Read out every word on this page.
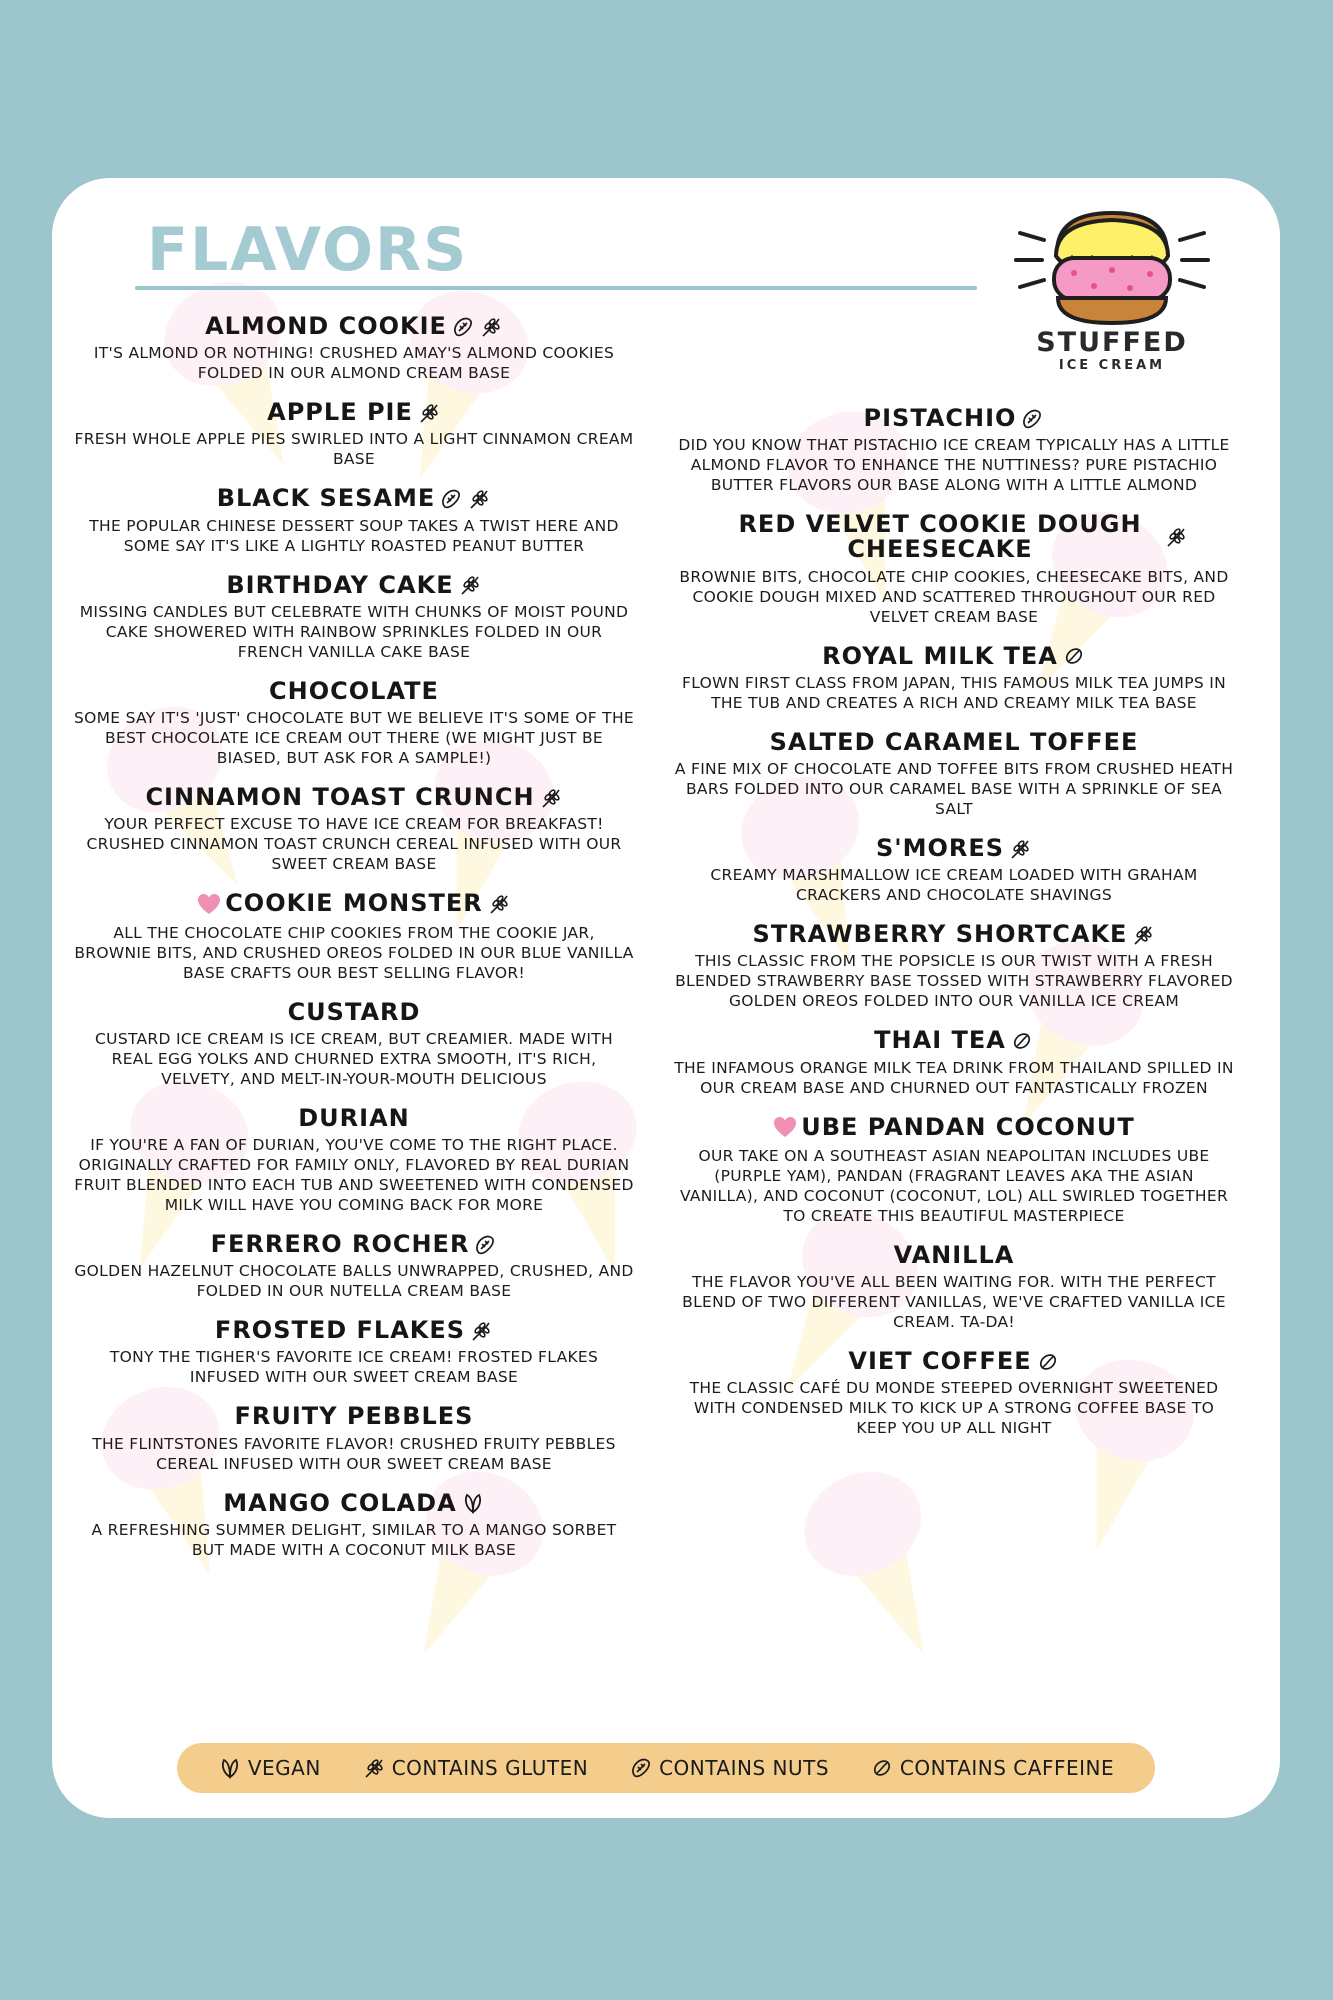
FLAVORS
STUFFED
ICE CREAM
ALMOND COOKIE

IT'S ALMOND OR NOTHING! CRUSHED AMAY'S ALMOND COOKIES FOLDED IN OUR ALMOND CREAM BASE

APPLE PIE

FRESH WHOLE APPLE PIES SWIRLED INTO A LIGHT CINNAMON CREAM BASE

BLACK SESAME

THE POPULAR CHINESE DESSERT SOUP TAKES A TWIST HERE AND SOME SAY IT'S LIKE A LIGHTLY ROASTED PEANUT BUTTER

BIRTHDAY CAKE

MISSING CANDLES BUT CELEBRATE WITH CHUNKS OF MOIST POUND CAKE SHOWERED WITH RAINBOW SPRINKLES FOLDED IN OUR FRENCH VANILLA CAKE BASE

CHOCOLATE

SOME SAY IT'S 'JUST' CHOCOLATE BUT WE BELIEVE IT'S SOME OF THE BEST CHOCOLATE ICE CREAM OUT THERE (WE MIGHT JUST BE BIASED, BUT ASK FOR A SAMPLE!)

CINNAMON TOAST CRUNCH

YOUR PERFECT EXCUSE TO HAVE ICE CREAM FOR BREAKFAST! CRUSHED CINNAMON TOAST CRUNCH CEREAL INFUSED WITH OUR SWEET CREAM BASE

COOKIE MONSTER

ALL THE CHOCOLATE CHIP COOKIES FROM THE COOKIE JAR, BROWNIE BITS, AND CRUSHED OREOS FOLDED IN OUR BLUE VANILLA BASE CRAFTS OUR BEST SELLING FLAVOR!

CUSTARD

CUSTARD ICE CREAM IS ICE CREAM, BUT CREAMIER. MADE WITH REAL EGG YOLKS AND CHURNED EXTRA SMOOTH, IT'S RICH, VELVETY, AND MELT-IN-YOUR-MOUTH DELICIOUS

DURIAN

IF YOU'RE A FAN OF DURIAN, YOU'VE COME TO THE RIGHT PLACE. ORIGINALLY CRAFTED FOR FAMILY ONLY, FLAVORED BY REAL DURIAN FRUIT BLENDED INTO EACH TUB AND SWEETENED WITH CONDENSED MILK WILL HAVE YOU COMING BACK FOR MORE

FERRERO ROCHER

GOLDEN HAZELNUT CHOCOLATE BALLS UNWRAPPED, CRUSHED, AND FOLDED IN OUR NUTELLA CREAM BASE

FROSTED FLAKES

TONY THE TIGHER'S FAVORITE ICE CREAM! FROSTED FLAKES INFUSED WITH OUR SWEET CREAM BASE

FRUITY PEBBLES

THE FLINTSTONES FAVORITE FLAVOR! CRUSHED FRUITY PEBBLES CEREAL INFUSED WITH OUR SWEET CREAM BASE

MANGO COLADA

A REFRESHING SUMMER DELIGHT, SIMILAR TO A MANGO SORBET BUT MADE WITH A COCONUT MILK BASE

PISTACHIO

DID YOU KNOW THAT PISTACHIO ICE CREAM TYPICALLY HAS A LITTLE ALMOND FLAVOR TO ENHANCE THE NUTTINESS? PURE PISTACHIO BUTTER FLAVORS OUR BASE ALONG WITH A LITTLE ALMOND

RED VELVET COOKIE DOUGH CHEESECAKE

BROWNIE BITS, CHOCOLATE CHIP COOKIES, CHEESECAKE BITS, AND COOKIE DOUGH MIXED AND SCATTERED THROUGHOUT OUR RED VELVET CREAM BASE

ROYAL MILK TEA

FLOWN FIRST CLASS FROM JAPAN, THIS FAMOUS MILK TEA JUMPS IN THE TUB AND CREATES A RICH AND CREAMY MILK TEA BASE

SALTED CARAMEL TOFFEE

A FINE MIX OF CHOCOLATE AND TOFFEE BITS FROM CRUSHED HEATH BARS FOLDED INTO OUR CARAMEL BASE WITH A SPRINKLE OF SEA SALT

S'MORES

CREAMY MARSHMALLOW ICE CREAM LOADED WITH GRAHAM CRACKERS AND CHOCOLATE SHAVINGS

STRAWBERRY SHORTCAKE

THIS CLASSIC FROM THE POPSICLE IS OUR TWIST WITH A FRESH BLENDED STRAWBERRY BASE TOSSED WITH STRAWBERRY FLAVORED GOLDEN OREOS FOLDED INTO OUR VANILLA ICE CREAM

THAI TEA

THE INFAMOUS ORANGE MILK TEA DRINK FROM THAILAND SPILLED IN OUR CREAM BASE AND CHURNED OUT FANTASTICALLY FROZEN

UBE PANDAN COCONUT

OUR TAKE ON A SOUTHEAST ASIAN NEAPOLITAN INCLUDES UBE (PURPLE YAM), PANDAN (FRAGRANT LEAVES AKA THE ASIAN VANILLA), AND COCONUT (COCONUT, LOL) ALL SWIRLED TOGETHER TO CREATE THIS BEAUTIFUL MASTERPIECE

VANILLA

THE FLAVOR YOU'VE ALL BEEN WAITING FOR. WITH THE PERFECT BLEND OF TWO DIFFERENT VANILLAS, WE'VE CRAFTED VANILLA ICE CREAM. TA-DA!

VIET COFFEE

THE CLASSIC CAFÉ DU MONDE STEEPED OVERNIGHT SWEETENED WITH CONDENSED MILK TO KICK UP A STRONG COFFEE BASE TO KEEP YOU UP ALL NIGHT

VEGAN	CONTAINS GLUTEN	CONTAINS NUTS	CONTAINS CAFFEINE
